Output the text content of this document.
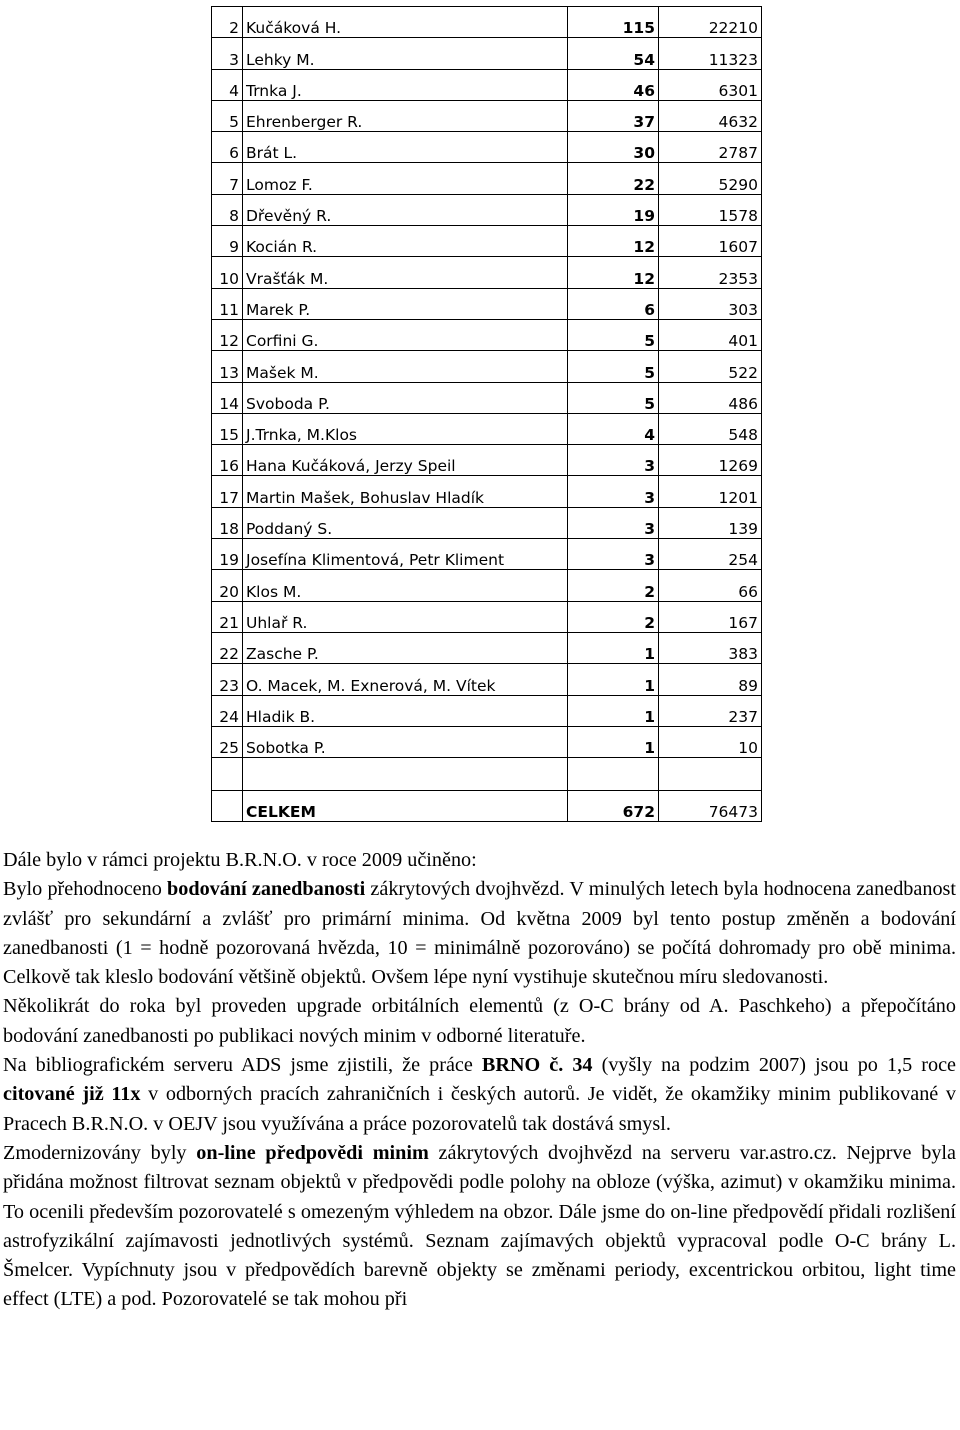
2	Kučáková H.	115	22210
3	Lehky M.	54	11323
4	Trnka J.	46	6301
5	Ehrenberger R.	37	4632
6	Brát L.	30	2787
7	Lomoz F.	22	5290
8	Dřevěný R.	19	1578
9	Kocián R.	12	1607
10	Vrašťák M.	12	2353
11	Marek P.	6	303
12	Corfini G.	5	401
13	Mašek M.	5	522
14	Svoboda P.	5	486
15	J.Trnka, M.Klos	4	548
16	Hana Kučáková, Jerzy Speil	3	1269
17	Martin Mašek, Bohuslav Hladík	3	1201
18	Poddaný S.	3	139
19	Josefína Klimentová, Petr Kliment	3	254
20	Klos M.	2	66
21	Uhlař R.	2	167
22	Zasche P.	1	383
23	O. Macek, M. Exnerová, M. Vítek	1	89
24	Hladik B.	1	237
25	Sobotka P.	1	10

	CELKEM	672	76473

Dále bylo v rámci projektu B.R.N.O. v roce 2009 učiněno:

Bylo přehodnoceno bodování zanedbanosti zákrytových dvojhvězd. V minulých letech byla hodnocena zanedbanost zvlášť pro sekundární a zvlášť pro primární minima. Od května 2009 byl tento postup změněn a bodování zanedbanosti (1 = hodně pozorovaná hvězda, 10 = minimálně pozorováno) se počítá dohromady pro obě minima. Celkově tak kleslo bodování většině objektů. Ovšem lépe nyní vystihuje skutečnou míru sledovanosti.

Několikrát do roka byl proveden upgrade orbitálních elementů (z O-C brány od A. Paschkeho) a přepočítáno bodování zanedbanosti po publikaci nových minim v odborné literatuře.

Na bibliografickém serveru ADS jsme zjistili, že práce BRNO č. 34 (vyšly na podzim 2007) jsou po 1,5 roce citované již 11x v odborných pracích zahraničních i českých autorů. Je vidět, že okamžiky minim publikované v Pracech B.R.N.O. v OEJV jsou využívána a práce pozorovatelů tak dostává smysl.

Zmodernizovány byly on-line předpovědi minim zákrytových dvojhvězd na serveru var.astro.cz. Nejprve byla přidána možnost filtrovat seznam objektů v předpovědi podle polohy na obloze (výška, azimut) v okamžiku minima. To ocenili především pozorovatelé s omezeným výhledem na obzor. Dále jsme do on-line předpovědí přidali rozlišení astrofyzikální zajímavosti jednotlivých systémů. Seznam zajímavých objektů vypracoval podle O-C brány L. Šmelcer. Vypíchnuty jsou v předpovědích barevně objekty se změnami periody, excentrickou orbitou, light time effect (LTE) a pod. Pozorovatelé se tak mohou při
